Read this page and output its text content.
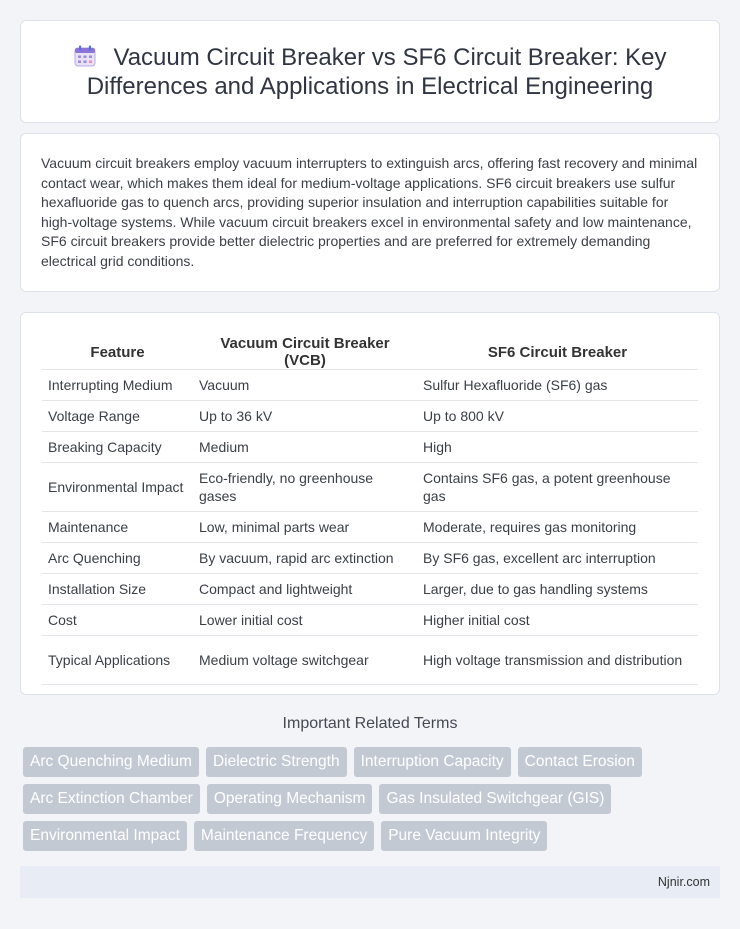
Vacuum Circuit Breaker vs SF6 Circuit Breaker: Key Differences and Applications in Electrical Engineering

Vacuum circuit breakers employ vacuum interrupters to extinguish arcs, offering fast recovery and minimal contact wear, which makes them ideal for medium-voltage applications. SF6 circuit breakers use sulfur hexafluoride gas to quench arcs, providing superior insulation and interruption capabilities suitable for high-voltage systems. While vacuum circuit breakers excel in environmental safety and low maintenance, SF6 circuit breakers provide better dielectric properties and are preferred for extremely demanding electrical grid conditions.

Feature	Vacuum Circuit Breaker (VCB)	SF6 Circuit Breaker
Interrupting Medium	Vacuum	Sulfur Hexafluoride (SF6) gas
Voltage Range	Up to 36 kV	Up to 800 kV
Breaking Capacity	Medium	High
Environmental Impact	Eco-friendly, no greenhouse gases	Contains SF6 gas, a potent greenhouse gas
Maintenance	Low, minimal parts wear	Moderate, requires gas monitoring
Arc Quenching	By vacuum, rapid arc extinction	By SF6 gas, excellent arc interruption
Installation Size	Compact and lightweight	Larger, due to gas handling systems
Cost	Lower initial cost	Higher initial cost
Typical Applications	Medium voltage switchgear	High voltage transmission and distribution
Important Related Terms
Arc Quenching Medium	Dielectric Strength	Interruption Capacity	Contact Erosion
Arc Extinction Chamber	Operating Mechanism	Gas Insulated Switchgear (GIS)
Environmental Impact	Maintenance Frequency	Pure Vacuum Integrity
Njnir.com
